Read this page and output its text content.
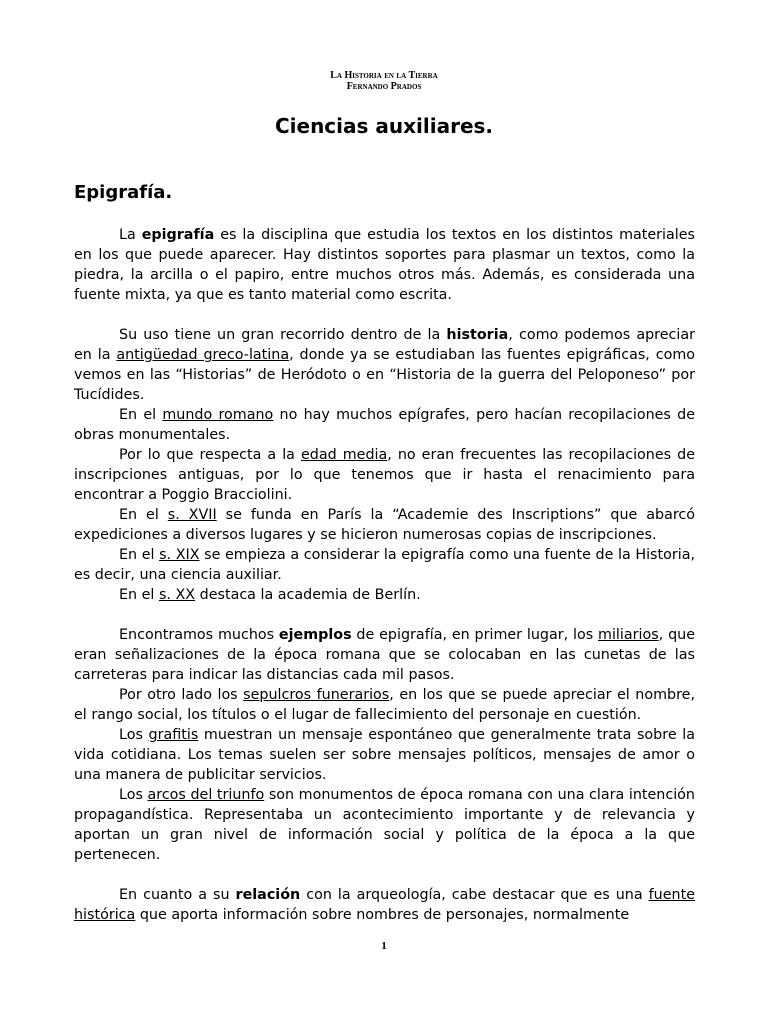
La Historia en la Tierra
Fernando Prados
Ciencias auxiliares.
Epigrafía.

La epigrafía es la disciplina que estudia los textos en los distintos materiales en los que puede aparecer. Hay distintos soportes para plasmar un textos, como la piedra, la arcilla o el papiro, entre muchos otros más. Además, es considerada una fuente mixta, ya que es tanto material como escrita.

Su uso tiene un gran recorrido dentro de la historia, como podemos apreciar en la antigüedad greco-latina, donde ya se estudiaban las fuentes epigráficas, como vemos en las “Historias” de Heródoto o en “Historia de la guerra del Peloponeso” por Tucídides.

En el mundo romano no hay muchos epígrafes, pero hacían recopilaciones de obras monumentales.

Por lo que respecta a la edad media, no eran frecuentes las recopilaciones de inscripciones antiguas, por lo que tenemos que ir hasta el renacimiento para encontrar a Poggio Bracciolini.

En el s. XVII se funda en París la “Academie des Inscriptions” que abarcó expediciones a diversos lugares y se hicieron numerosas copias de inscripciones.

En el s. XIX se empieza a considerar la epigrafía como una fuente de la Historia, es decir, una ciencia auxiliar.

En el s. XX destaca la academia de Berlín.

Encontramos muchos ejemplos de epigrafía, en primer lugar, los miliarios, que eran señalizaciones de la época romana que se colocaban en las cunetas de las carreteras para indicar las distancias cada mil pasos.

Por otro lado los sepulcros funerarios, en los que se puede apreciar el nombre, el rango social, los títulos o el lugar de fallecimiento del personaje en cuestión.

Los grafitis muestran un mensaje espontáneo que generalmente trata sobre la vida cotidiana. Los temas suelen ser sobre mensajes políticos, mensajes de amor o una manera de publicitar servicios.

Los arcos del triunfo son monumentos de época romana con una clara intención propagandística. Representaba un acontecimiento importante y de relevancia y aportan un gran nivel de información social y política de la época a la que pertenecen.

En cuanto a su relación con la arqueología, cabe destacar que es una fuente histórica que aporta información sobre nombres de personajes, normalmente

1
